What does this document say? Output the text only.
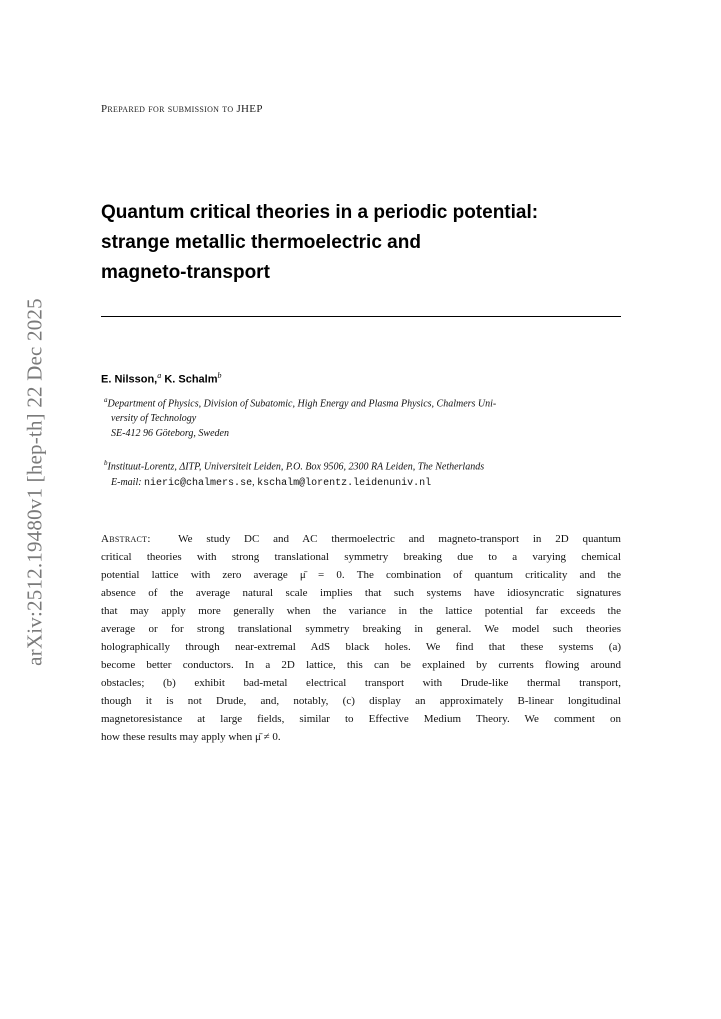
arXiv:2512.19480v1 [hep-th] 22 Dec 2025
Prepared for submission to JHEP
Quantum critical theories in a periodic potential:
strange metallic thermoelectric and
magneto-transport
E. Nilsson,$^a$ K. Schalm$^b$
$^a$Department of Physics, Division of Subatomic, High Energy and Plasma Physics, Chalmers Uni-
versity of Technology
SE-412 96 Göteborg, Sweden
$^b$Instituut-Lorentz, ΔITP, Universiteit Leiden, P.O. Box 9506, 2300 RA Leiden, The Netherlands
E-mail: nieric@chalmers.se, kschalm@lorentz.leidenuniv.nl
Abstract: We study DC and AC thermoelectric and magneto-transport in 2D quantum
critical theories with strong translational symmetry breaking due to a varying chemical
potential lattice with zero average μ̄ = 0. The combination of quantum criticality and the
absence of the average natural scale implies that such systems have idiosyncratic signatures
that may apply more generally when the variance in the lattice potential far exceeds the
average or for strong translational symmetry breaking in general. We model such theories
holographically through near-extremal AdS black holes. We find that these systems (a)
become better conductors. In a 2D lattice, this can be explained by currents flowing around
obstacles; (b) exhibit bad-metal electrical transport with Drude-like thermal transport,
though it is not Drude, and, notably, (c) display an approximately B-linear longitudinal
magnetoresistance at large fields, similar to Effective Medium Theory. We comment on
how these results may apply when μ̄ ≠ 0.
